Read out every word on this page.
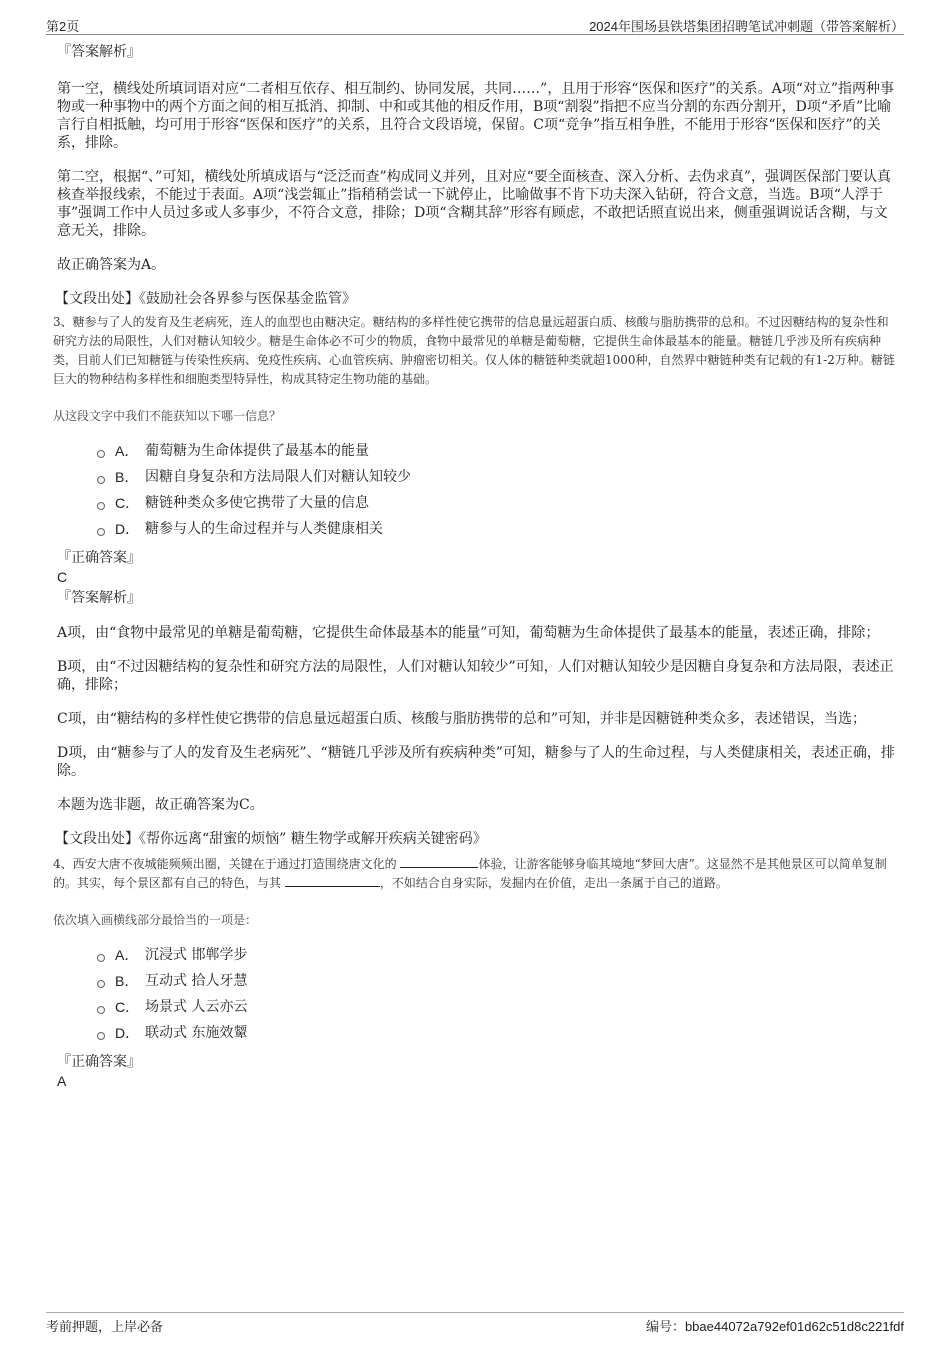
第2页	2024年围场县铁塔集团招聘笔试冲刺题（带答案解析）

『答案解析』

第一空，横线处所填词语对应“二者相互依存、相互制约、协同发展，共同……”，且用于形容“医保和医疗”的关系。A项“对立”指两种事物或一种事物中的两个方面之间的相互抵消、抑制、中和或其他的相反作用，B项“割裂”指把不应当分割的东西分割开，D项“矛盾”比喻言行自相抵触，均可用于形容“医保和医疗”的关系，且符合文段语境，保留。C项“竞争”指互相争胜，不能用于形容“医保和医疗”的关系，排除。

第二空，根据“、”可知，横线处所填成语与“泛泛而查”构成同义并列，且对应“要全面核查、深入分析、去伪求真”，强调医保部门要认真核查举报线索，不能过于表面。A项“浅尝辄止”指稍稍尝试一下就停止，比喻做事不肯下功夫深入钻研，符合文意，当选。B项“人浮于事”强调工作中人员过多或人多事少，不符合文意，排除；D项“含糊其辞”形容有顾虑，不敢把话照直说出来，侧重强调说话含糊，与文意无关，排除。

故正确答案为A。

【文段出处】《鼓励社会各界参与医保基金监管》

3、糖参与了人的发育及生老病死，连人的血型也由糖决定。糖结构的多样性使它携带的信息量远超蛋白质、核酸与脂肪携带的总和。不过因糖结构的复杂性和研究方法的局限性，人们对糖认知较少。糖是生命体必不可少的物质，食物中最常见的单糖是葡萄糖，它提供生命体最基本的能量。糖链几乎涉及所有疾病种类，目前人们已知糖链与传染性疾病、免疫性疾病、心血管疾病、肿瘤密切相关。仅人体的糖链种类就超1000种，自然界中糖链种类有记载的有1-2万种。糖链巨大的物种结构多样性和细胞类型特异性，构成其特定生物功能的基础。

从这段文字中我们不能获知以下哪一信息？

A． 葡萄糖为生命体提供了最基本的能量
B． 因糖自身复杂和方法局限人们对糖认知较少
C． 糖链种类众多使它携带了大量的信息
D． 糖参与人的生命过程并与人类健康相关

『正确答案』

C

『答案解析』

A项，由“食物中最常见的单糖是葡萄糖，它提供生命体最基本的能量”可知，葡萄糖为生命体提供了最基本的能量，表述正确，排除；

B项，由“不过因糖结构的复杂性和研究方法的局限性，人们对糖认知较少”可知，人们对糖认知较少是因糖自身复杂和方法局限，表述正确，排除；

C项，由“糖结构的多样性使它携带的信息量远超蛋白质、核酸与脂肪携带的总和”可知，并非是因糖链种类众多，表述错误，当选；

D项，由“糖参与了人的发育及生老病死”、“糖链几乎涉及所有疾病种类”可知，糖参与了人的生命过程，与人类健康相关，表述正确，排除。

本题为选非题，故正确答案为C。

【文段出处】《帮你远离“甜蜜的烦恼” 糖生物学或解开疾病关键密码》

4、西安大唐不夜城能频频出圈，关键在于通过打造围绕唐文化的	体验，让游客能够身临其境地“梦回大唐”。这显然不是其他景区可以简单复制的。其实，每个景区都有自己的特色，与其	，不如结合自身实际，发掘内在价值，走出一条属于自己的道路。

依次填入画横线部分最恰当的一项是：

A． 沉浸式 邯郸学步
B． 互动式 拾人牙慧
C． 场景式 人云亦云
D． 联动式 东施效颦

『正确答案』

A

考前押题，上岸必备	编号：bbae44072a792ef01d62c51d8c221fdf
